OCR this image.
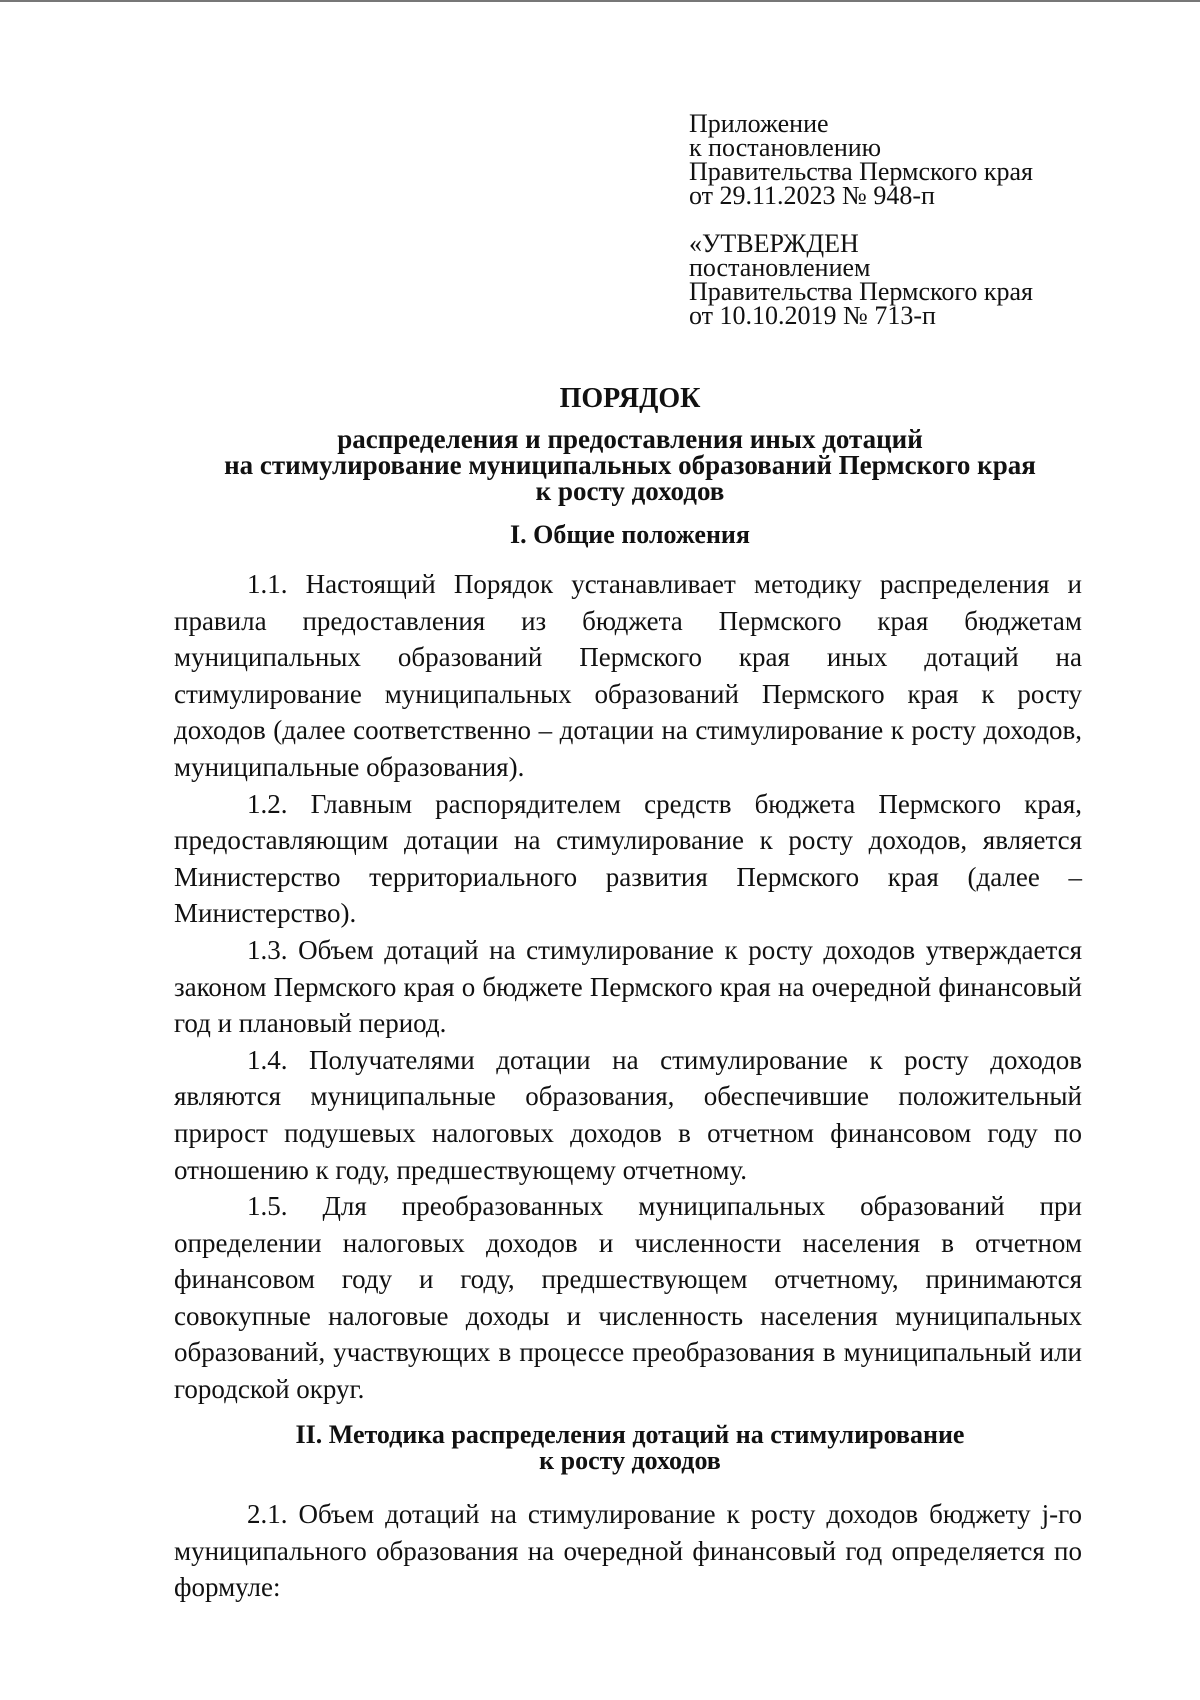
Приложение
к постановлению
Правительства Пермского края
от 29.11.2023 № 948-п
«УТВЕРЖДЕН
постановлением
Правительства Пермского края
от 10.10.2019 № 713-п
ПОРЯДОК
распределения и предоставления иных дотаций
на стимулирование муниципальных образований Пермского края
к росту доходов
I. Общие положения

1.1. Настоящий Порядок устанавливает методику распределения и правила предоставления из бюджета Пермского края бюджетам муниципальных образований Пермского края иных дотаций на стимулирование муниципальных образований Пермского края к росту доходов (далее соответственно – дотации на стимулирование к росту доходов, муниципальные образования).

1.2. Главным распорядителем средств бюджета Пермского края, предоставляющим дотации на стимулирование к росту доходов, является Министерство территориального развития Пермского края (далее – Министерство).

1.3. Объем дотаций на стимулирование к росту доходов утверждается законом Пермского края о бюджете Пермского края на очередной финансовый год и плановый период.

1.4. Получателями дотации на стимулирование к росту доходов являются муниципальные образования, обеспечившие положительный прирост подушевых налоговых доходов в отчетном финансовом году по отношению к году, предшествующему отчетному.

1.5. Для преобразованных муниципальных образований при определении налоговых доходов и численности населения в отчетном финансовом году и году, предшествующем отчетному, принимаются совокупные налоговые доходы и численность населения муниципальных образований, участвующих в процессе преобразования в муниципальный или городской округ.

II. Методика распределения дотаций на стимулирование
к росту доходов

2.1. Объем дотаций на стимулирование к росту доходов бюджету j-го муниципального образования на очередной финансовый год определяется по формуле:
